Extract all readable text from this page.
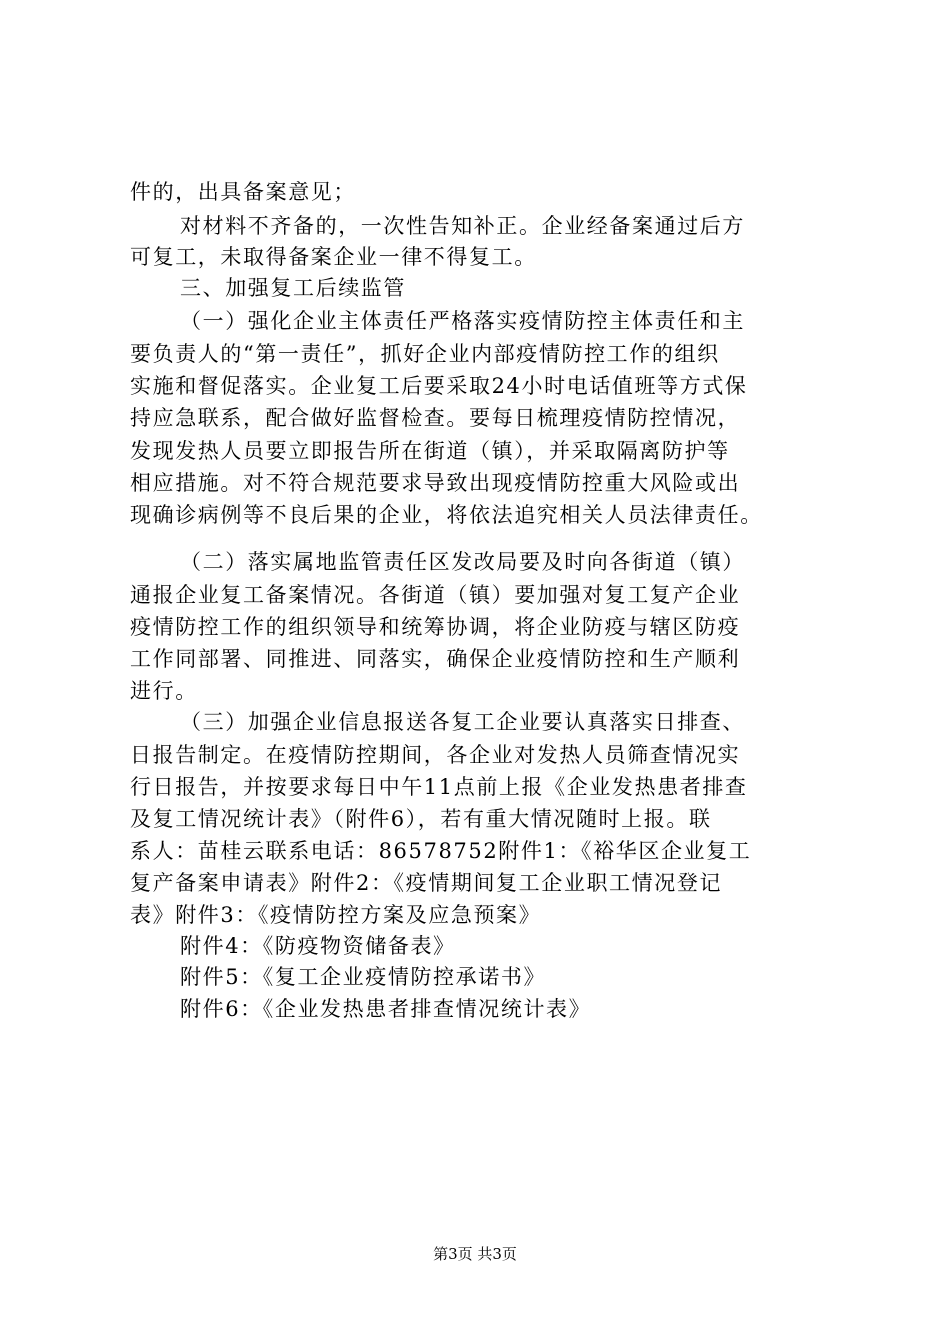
件的，出具备案意见；
对材料不齐备的，一次性告知补正。企业经备案通过后方
可复工，未取得备案企业一律不得复工。
三、加强复工后续监管
（一）强化企业主体责任严格落实疫情防控主体责任和主
要负责人的“第一责任”，抓好企业内部疫情防控工作的组织
实施和督促落实。企业复工后要采取24小时电话值班等方式保
持应急联系，配合做好监督检查。要每日梳理疫情防控情况，
发现发热人员要立即报告所在街道（镇），并采取隔离防护等
相应措施。对不符合规范要求导致出现疫情防控重大风险或出
现确诊病例等不良后果的企业，将依法追究相关人员法律责任。
（二）落实属地监管责任区发改局要及时向各街道（镇）
通报企业复工备案情况。各街道（镇）要加强对复工复产企业
疫情防控工作的组织领导和统筹协调，将企业防疫与辖区防疫
工作同部署、同推进、同落实，确保企业疫情防控和生产顺利
进行。
（三）加强企业信息报送各复工企业要认真落实日排查、
日报告制定。在疫情防控期间，各企业对发热人员筛查情况实
行日报告，并按要求每日中午11点前上报《企业发热患者排查
及复工情况统计表》（附件6），若有重大情况随时上报。联
系人：苗桂云联系电话：86578752附件1：《裕华区企业复工
复产备案申请表》附件2：《疫情期间复工企业职工情况登记
表》附件3：《疫情防控方案及应急预案》
附件4：《防疫物资储备表》
附件5：《复工企业疫情防控承诺书》
附件6：《企业发热患者排查情况统计表》
第3页 共3页
